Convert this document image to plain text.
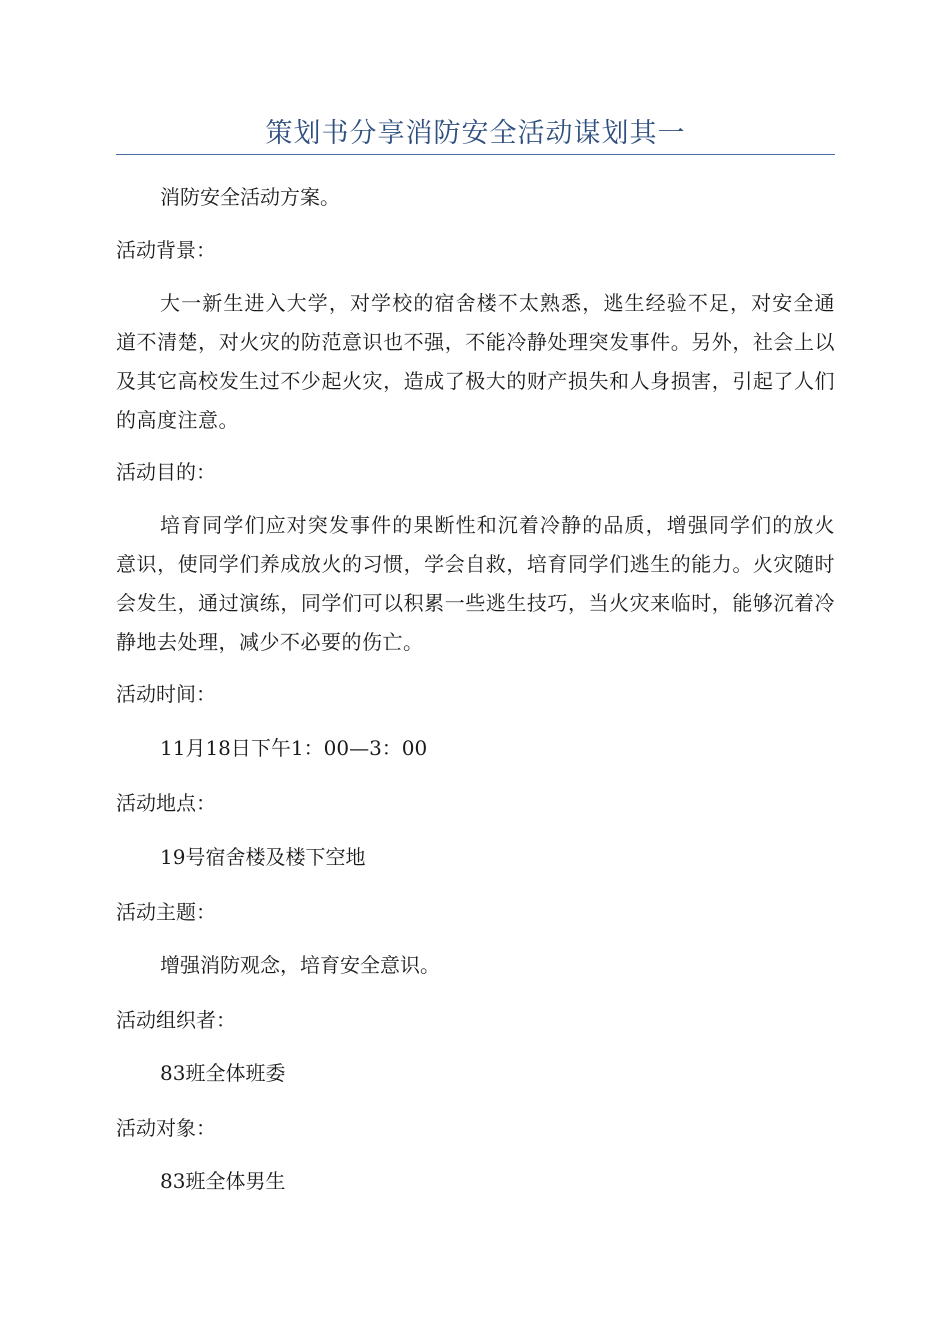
策划书分享消防安全活动谋划其一

消防安全活动方案。

活动背景：

大一新生进入大学，对学校的宿舍楼不太熟悉，逃生经验不足，对安全通道不清楚，对火灾的防范意识也不强，不能冷静处理突发事件。另外，社会上以及其它高校发生过不少起火灾，造成了极大的财产损失和人身损害，引起了人们的高度注意。

活动目的：

培育同学们应对突发事件的果断性和沉着冷静的品质，增强同学们的放火意识，使同学们养成放火的习惯，学会自救，培育同学们逃生的能力。火灾随时会发生，通过演练，同学们可以积累一些逃生技巧，当火灾来临时，能够沉着冷静地去处理，减少不必要的伤亡。

活动时间：

11月18日下午1：00—3：00

活动地点：

19号宿舍楼及楼下空地

活动主题：

增强消防观念，培育安全意识。

活动组织者：

83班全体班委

活动对象：

83班全体男生
